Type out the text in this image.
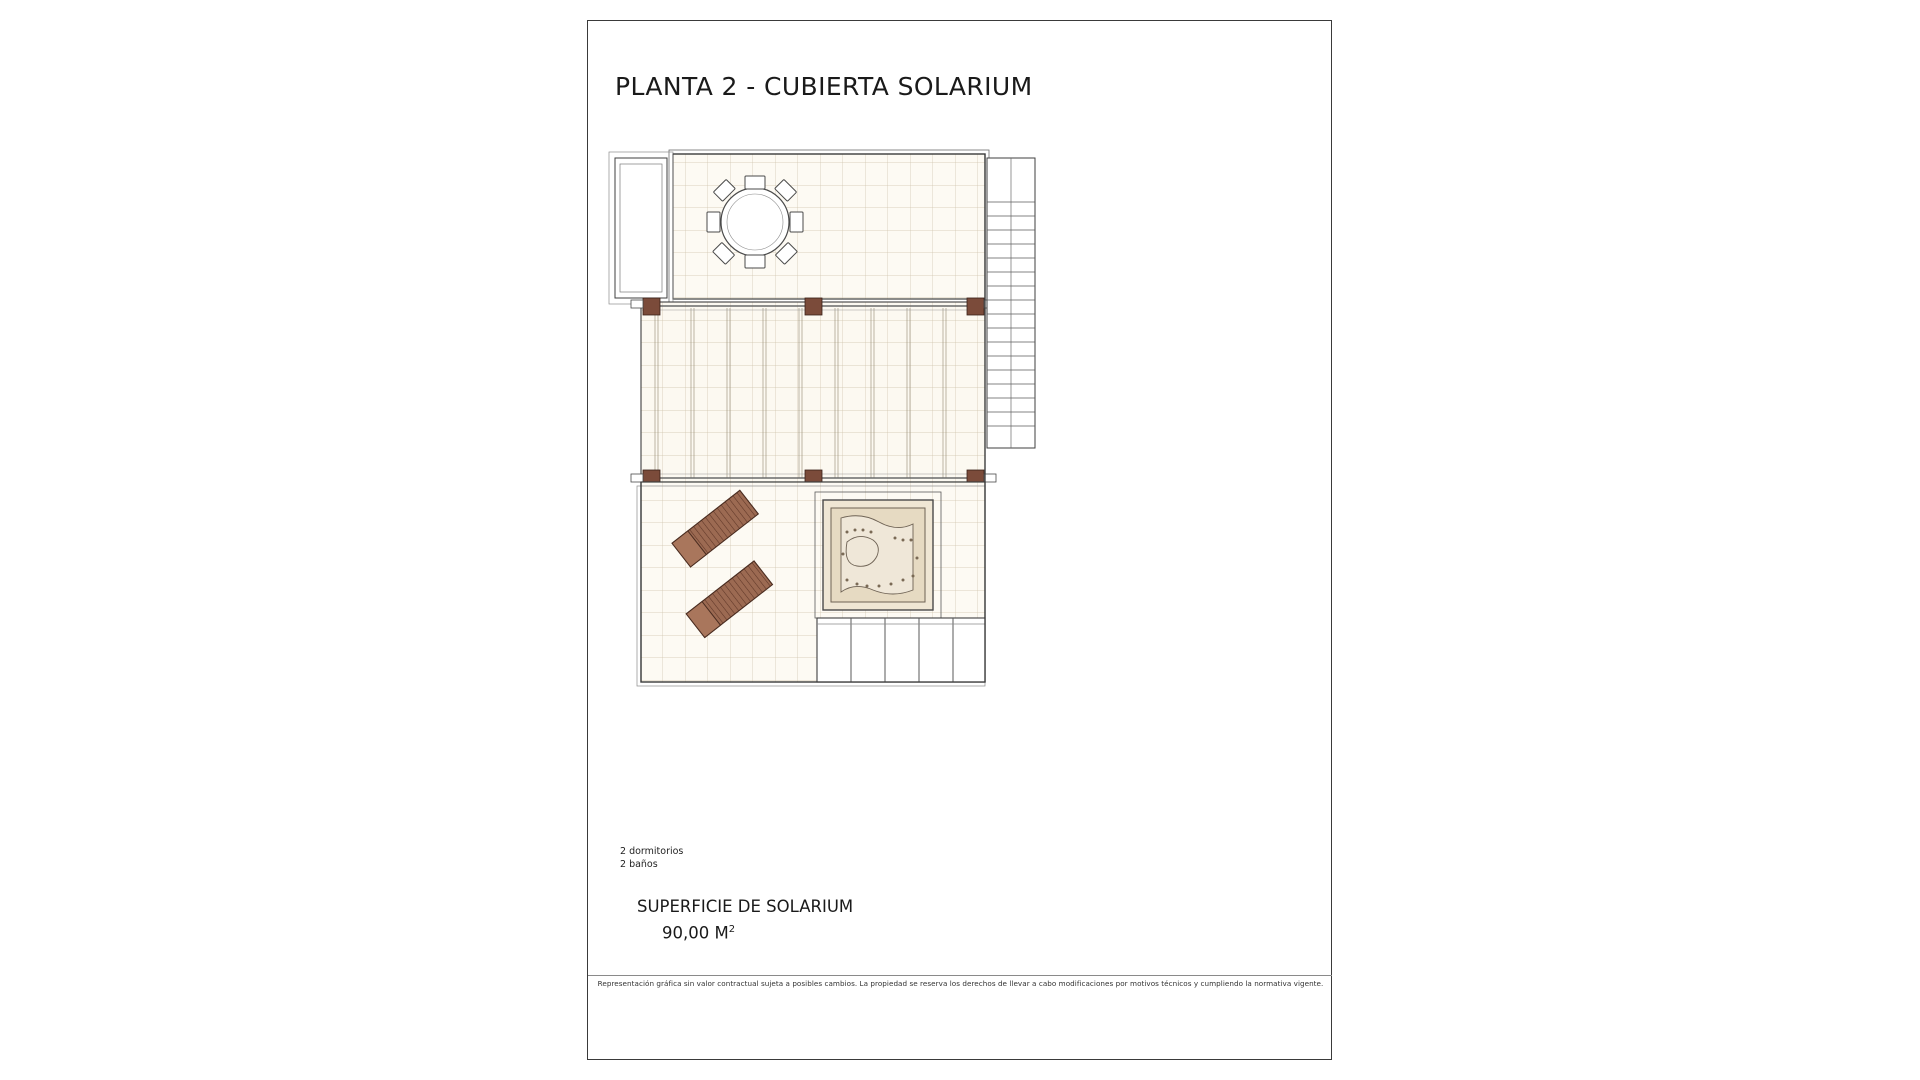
PLANTA 2 - CUBIERTA SOLARIUM
2 dormitorios
2 baños
SUPERFICIE DE SOLARIUM
90,00 $M^2$
Representación gráfica sin valor contractual sujeta a posibles cambios. La propiedad se reserva los derechos de llevar a cabo modificaciones por motivos técnicos y cumpliendo la normativa vigente.
